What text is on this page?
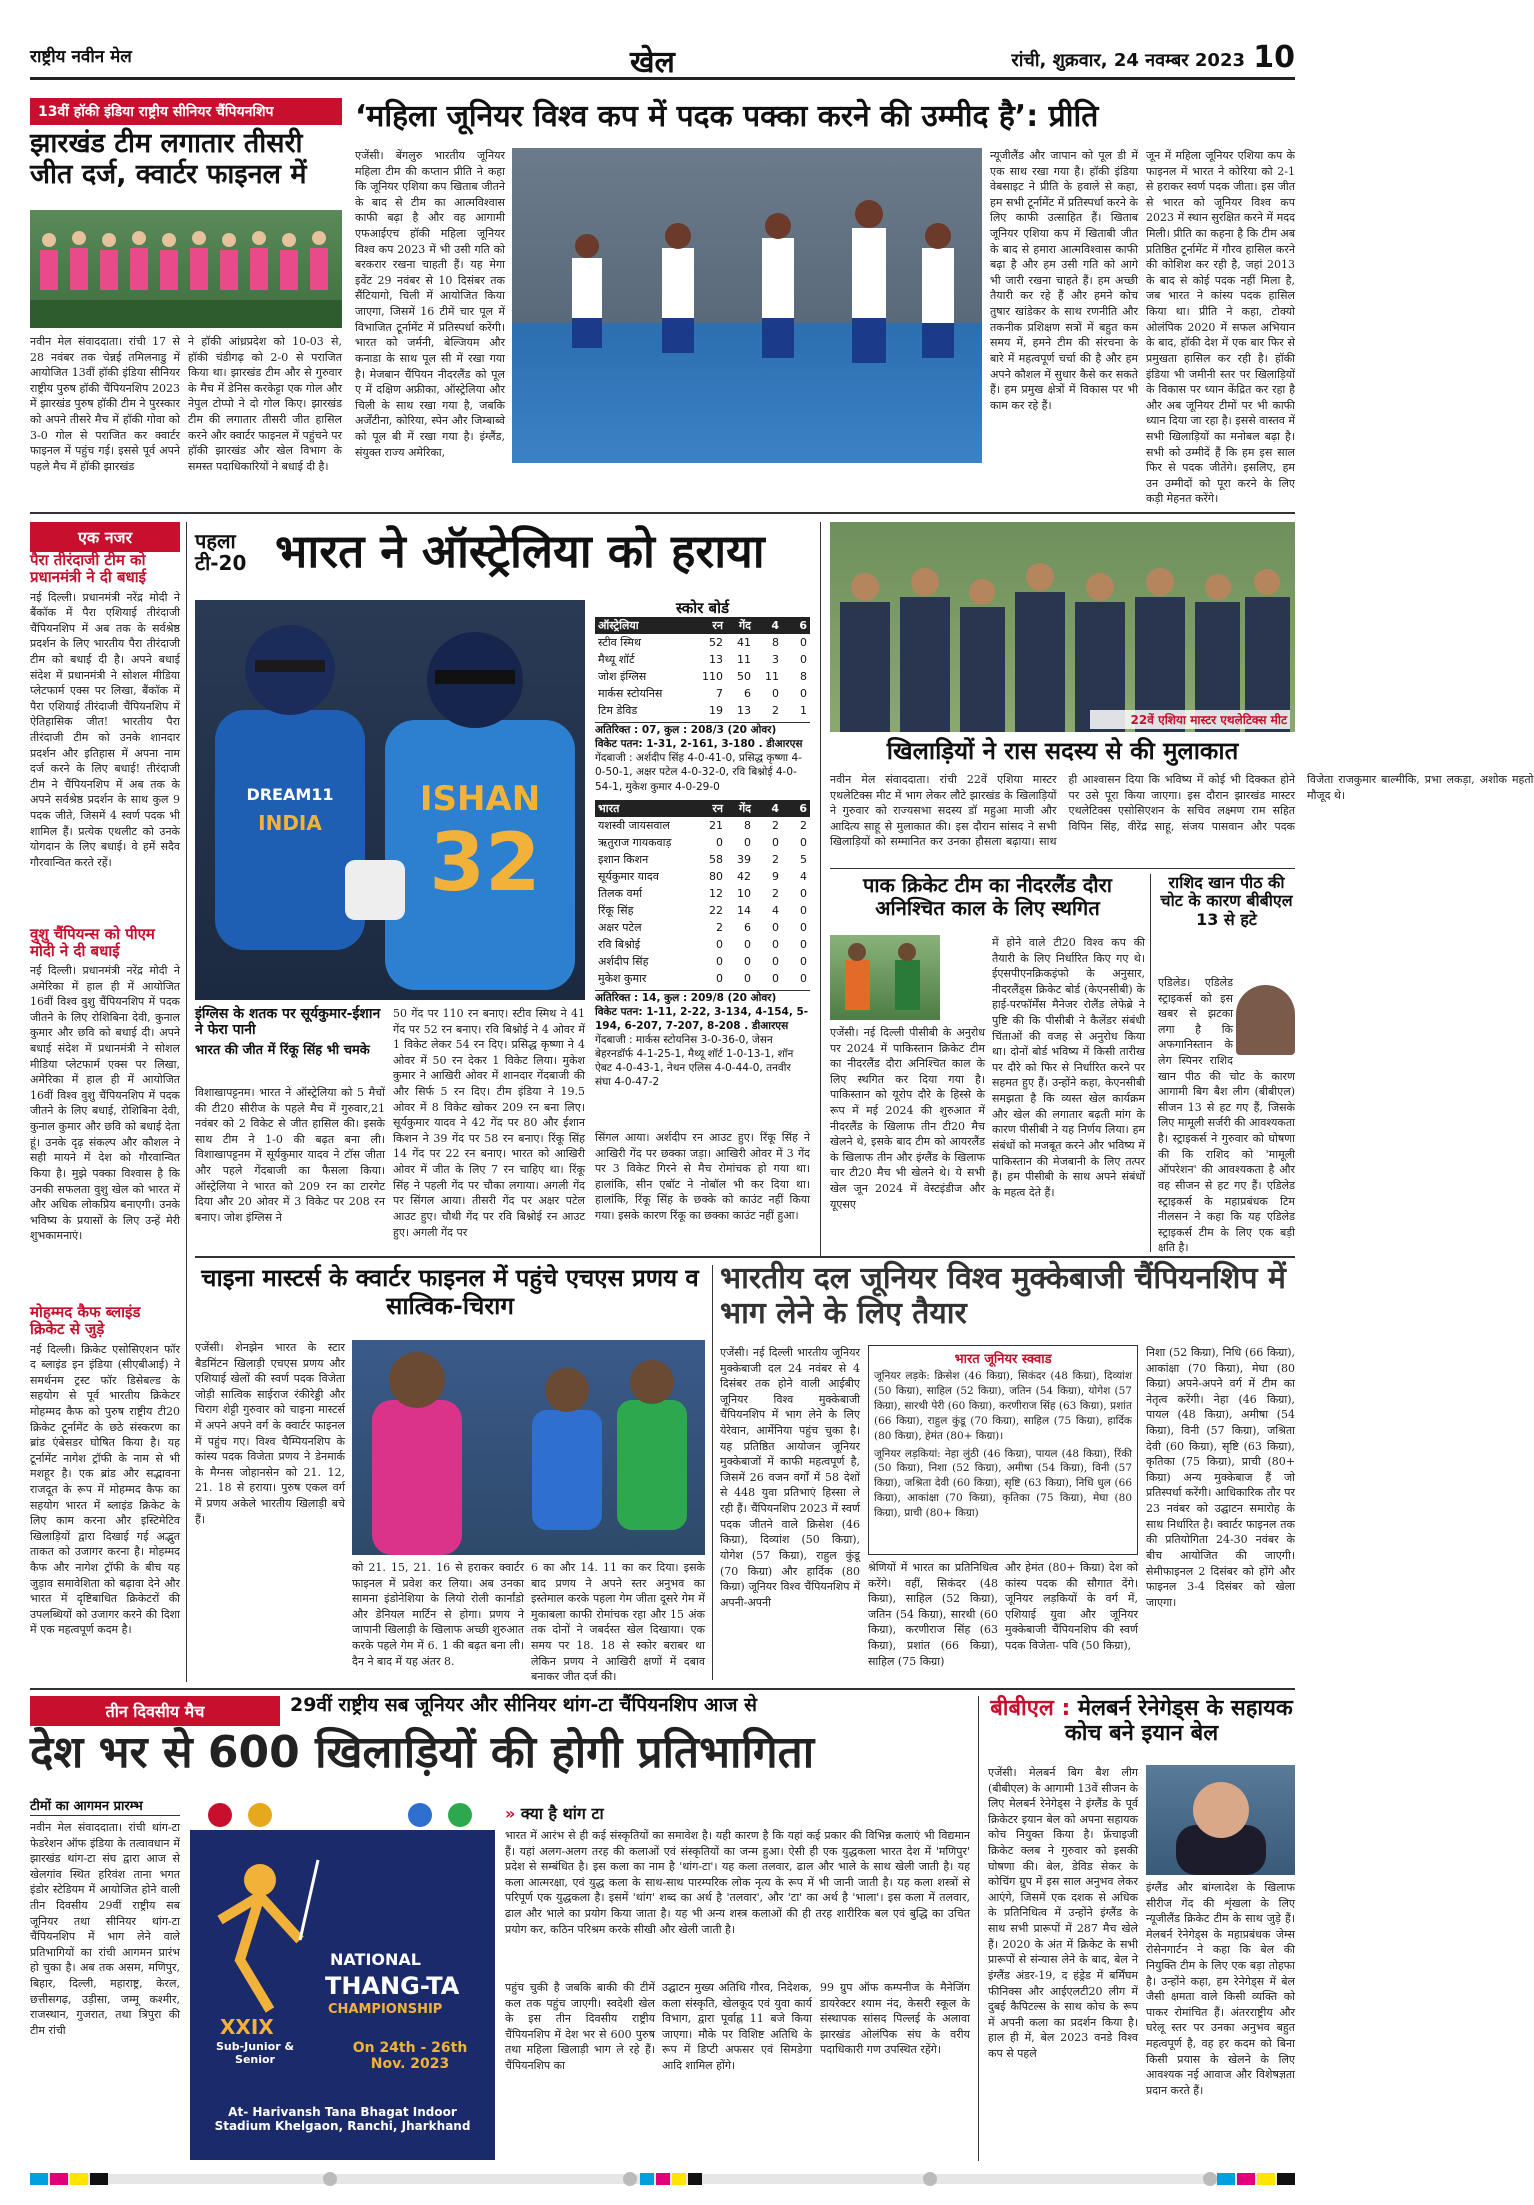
राष्ट्रीय नवीन मेल	खेल	रांची, शुक्रवार, 24 नवम्बर 2023 10
13वीं हॉकी इंडिया राष्ट्रीय सीनियर चैंपियनशिप
झारखंड टीम लगातार तीसरी जीत दर्ज, क्वार्टर फाइनल में
नवीन मेल संवाददाता। रांची 17 से 28 नवंबर तक चेन्नई तमिलनाडु में आयोजित 13वीं हॉकी इंडिया सीनियर राष्ट्रीय पुरुष हॉकी चैंपियनशिप 2023 में झारखंड पुरुष हॉकी टीम ने पुरस्कार को अपने तीसरे मैच में हॉकी गोवा को 3-0 गोल से पराजित कर क्वार्टर फाइनल में पहुंच गई। इससे पूर्व अपने पहले मैच में हॉकी झारखंड
ने हॉकी आंध्रप्रदेश को 10-03 से, हॉकी चंडीगढ़ को 2-0 से पराजित किया था। झारखंड टीम और से गुरुवार के मैच में डेनिस करकेट्टा एक गोल और नेपुल टोप्पो ने दो गोल किए। झारखंड टीम की लगातार तीसरी जीत हासिल करने और क्वार्टर फाइनल में पहुंचने पर हॉकी झारखंड और खेल विभाग के समस्त पदाधिकारियों ने बधाई दी है।
‘महिला जूनियर विश्व कप में पदक पक्का करने की उम्मीद है’: प्रीति
एजेंसी। बेंगलुरु भारतीय जूनियर महिला टीम की कप्तान प्रीति ने कहा कि जूनियर एशिया कप खिताब जीतने के बाद से टीम का आत्मविश्वास काफी बढ़ा है और वह आगामी एफआईएच हॉकी महिला जूनियर विश्व कप 2023 में भी उसी गति को बरकरार रखना चाहती हैं। यह मेगा इवेंट 29 नवंबर से 10 दिसंबर तक सैंटियागो, चिली में आयोजित किया जाएगा, जिसमें 16 टीमें चार पूल में विभाजित टूर्नामेंट में प्रतिस्पर्धा करेंगी। भारत को जर्मनी, बेल्जियम और कनाडा के साथ पूल सी में रखा गया है। मेजबान चैंपियन नीदरलैंड को पूल ए में दक्षिण अफ्रीका, ऑस्ट्रेलिया और चिली के साथ रखा गया है, जबकि अर्जेंटीना, कोरिया, स्पेन और जिम्बाब्वे को पूल बी में रखा गया है। इंग्लैंड, संयुक्त राज्य अमेरिका,
न्यूजीलैंड और जापान को पूल डी में एक साथ रखा गया है। हॉकी इंडिया वेबसाइट ने प्रीति के हवाले से कहा, हम सभी टूर्नामेंट में प्रतिस्पर्धा करने के लिए काफी उत्साहित हैं। खिताब जूनियर एशिया कप में खिताबी जीत के बाद से हमारा आत्मविश्वास काफी बढ़ा है और हम उसी गति को आगे भी जारी रखना चाहते हैं। हम अच्छी तैयारी कर रहे हैं और हमने कोच तुषार खांडेकर के साथ रणनीति और तकनीक प्रशिक्षण सत्रों में बहुत कम समय में, हमने टीम की संरचना के बारे में महत्वपूर्ण चर्चा की है और हम अपने कौशल में सुधार कैसे कर सकते हैं। हम प्रमुख क्षेत्रों में विकास पर भी काम कर रहे हैं।
जून में महिला जूनियर एशिया कप के फाइनल में भारत ने कोरिया को 2-1 से हराकर स्वर्ण पदक जीता। इस जीत से भारत को जूनियर विश्व कप 2023 में स्थान सुरक्षित करने में मदद मिली। प्रीति का कहना है कि टीम अब प्रतिष्ठित टूर्नामेंट में गौरव हासिल करने की कोशिश कर रही है, जहां 2013 के बाद से कोई पदक नहीं मिला है, जब भारत ने कांस्य पदक हासिल किया था। प्रीति ने कहा, टोक्यो ओलंपिक 2020 में सफल अभियान के बाद, हॉकी देश में एक बार फिर से प्रमुखता हासिल कर रही है। हॉकी इंडिया भी जमीनी स्तर पर खिलाड़ियों के विकास पर ध्यान केंद्रित कर रहा है और अब जूनियर टीमों पर भी काफी ध्यान दिया जा रहा है। इससे वास्तव में सभी खिलाड़ियों का मनोबल बढ़ा है। सभी को उम्मीदें हैं कि हम इस साल फिर से पदक जीतेंगे। इसलिए, हम उन उम्मीदों को पूरा करने के लिए कड़ी मेहनत करेंगे।
एक नजर
पैरा तीरंदाजी टीम को प्रधानमंत्री ने दी बधाई
नई दिल्ली। प्रधानमंत्री नरेंद्र मोदी ने बैंकॉक में पैरा एशियाई तीरंदाजी चैंपियनशिप में अब तक के सर्वश्रेष्ठ प्रदर्शन के लिए भारतीय पैरा तीरंदाजी टीम को बधाई दी है। अपने बधाई संदेश में प्रधानमंत्री ने सोशल मीडिया प्लेटफार्म एक्स पर लिखा, बैंकॉक में पैरा एशियाई तीरंदाजी चैंपियनशिप में ऐतिहासिक जीत! भारतीय पैरा तीरंदाजी टीम को उनके शानदार प्रदर्शन और इतिहास में अपना नाम दर्ज करने के लिए बधाई! तीरंदाजी टीम ने चैंपियनशिप में अब तक के अपने सर्वश्रेष्ठ प्रदर्शन के साथ कुल 9 पदक जीते, जिसमें 4 स्वर्ण पदक भी शामिल हैं। प्रत्येक एथलीट को उनके योगदान के लिए बधाई। वे हमें सदैव गौरवान्वित करते रहें।
वुशु चैंपियन्स को पीएम मोदी ने दी बधाई
नई दिल्ली। प्रधानमंत्री नरेंद्र मोदी ने अमेरिका में हाल ही में आयोजित 16वीं विश्व वुशु चैंपियनशिप में पदक जीतने के लिए रोशिबिना देवी, कुनाल कुमार और छवि को बधाई दी। अपने बधाई संदेश में प्रधानमंत्री ने सोशल मीडिया प्लेटफार्म एक्स पर लिखा, अमेरिका में हाल ही में आयोजित 16वीं विश्व वुशु चैंपियनशिप में पदक जीतने के लिए बधाई, रोशिबिना देवी, कुनाल कुमार और छवि को बधाई देता हूं। उनके दृढ़ संकल्प और कौशल ने सही मायने में देश को गौरवान्वित किया है। मुझे पक्का विश्वास है कि उनकी सफलता वुशु खेल को भारत में और अधिक लोकप्रिय बनाएगी। उनके भविष्य के प्रयासों के लिए उन्हें मेरी शुभकामनाएं।
मोहम्मद कैफ ब्लाइंड क्रिकेट से जुड़े
नई दिल्ली। क्रिकेट एसोसिएशन फॉर द ब्लाइंड इन इंडिया (सीएबीआई) ने समर्थनम ट्रस्ट फॉर डिसेबल्ड के सहयोग से पूर्व भारतीय क्रिकेटर मोहम्मद कैफ को पुरुष राष्ट्रीय टी20 क्रिकेट टूर्नामेंट के छठे संस्करण का ब्रांड एंबेसडर घोषित किया है। यह टूर्नामेंट नागेश ट्रॉफी के नाम से भी मशहूर है। एक ब्रांड और सद्भावना राजदूत के रूप में मोहम्मद कैफ का सहयोग भारत में ब्लाइंड क्रिकेट के लिए काम करना और इस्टिमेटिव खिलाड़ियों द्वारा दिखाई गई अद्भुत ताकत को उजागर करना है। मोहम्मद कैफ और नागेश ट्रॉफी के बीच यह जुड़ाव समावेशिता को बढ़ावा देने और भारत में दृष्टिबाधित क्रिकेटरों की उपलब्धियों को उजागर करने की दिशा में एक महत्वपूर्ण कदम है।
पहला
टी-20 भारत ने ऑस्ट्रेलिया को हराया
ISHAN
32
DREAM11
INDIA
इंग्लिस के शतक पर सूर्यकुमार-ईशान ने फेरा पानी
भारत की जीत में रिंकू सिंह भी चमके
विशाखापट्टनम। भारत ने ऑस्ट्रेलिया को 5 मैचों की टी20 सीरीज के पहले मैच में गुरुवार,21 नवंबर को 2 विकेट से जीत हासिल की। इसके साथ टीम ने 1-0 की बढ़त बना ली। विशाखापट्टनम में सूर्यकुमार यादव ने टॉस जीता और पहले गेंदबाजी का फैसला किया। ऑस्ट्रेलिया ने भारत को 209 रन का टारगेट दिया और 20 ओवर में 3 विकेट पर 208 रन बनाए। जोश इंग्लिस ने
50 गेंद पर 110 रन बनाए। स्टीव स्मिथ ने 41 गेंद पर 52 रन बनाए। रवि बिश्नोई ने 4 ओवर में 1 विकेट लेकर 54 रन दिए। प्रसिद्ध कृष्णा ने 4 ओवर में 50 रन देकर 1 विकेट लिया। मुकेश कुमार ने आखिरी ओवर में शानदार गेंदबाजी की और सिर्फ 5 रन दिए। टीम इंडिया ने 19.5 ओवर में 8 विकेट खोकर 209 रन बना लिए। सूर्यकुमार यादव ने 42 गेंद पर 80 और ईशान किशन ने 39 गेंद पर 58 रन बनाए। रिंकू सिंह 14 गेंद पर 22 रन बनाए। भारत को आखिरी ओवर में जीत के लिए 7 रन चाहिए था। रिंकू सिंह ने पहली गेंद पर चौका लगाया। अगली गेंद पर सिंगल आया। तीसरी गेंद पर अक्षर पटेल आउट हुए। चौथी गेंद पर रवि बिश्नोई रन आउट हुए। अगली गेंद पर
स्कोर बोर्ड
ऑस्ट्रेलिया	रन	गेंद	4	6
स्टीव स्मिथ	52	41	8	0
मैथ्यू शॉर्ट	13	11	3	0
जोश इंग्लिस	110	50	11	8
मार्कस स्टोयनिस	7	6	0	0
टिम डेविड	19	13	2	1
अतिरिक्त : 07, कुल : 208/3 (20 ओवर)
विकेट पतन: 1-31, 2-161, 3-180 . डीआरएस
गेंदबाजी : अर्शदीप सिंह 4-0-41-0, प्रसिद्ध कृष्णा 4-0-50-1, अक्षर पटेल 4-0-32-0, रवि बिश्नोई 4-0-54-1, मुकेश कुमार 4-0-29-0
भारत	रन	गेंद	4	6
यशस्वी जायसवाल	21	8	2	2
ऋतुराज गायकवाड़	0	0	0	0
इशान किशन	58	39	2	5
सूर्यकुमार यादव	80	42	9	4
तिलक वर्मा	12	10	2	0
रिंकू सिंह	22	14	4	0
अक्षर पटेल	2	6	0	0
रवि बिश्नोई	0	0	0	0
अर्शदीप सिंह	0	0	0	0
मुकेश कुमार	0	0	0	0
अतिरिक्त : 14, कुल : 209/8 (20 ओवर)
विकेट पतन: 1-11, 2-22, 3-134, 4-154, 5-194, 6-207, 7-207, 8-208 . डीआरएस
गेंदबाजी : मार्कस स्टोयनिस 3-0-36-0, जेसन बेहरनडॉर्फ 4-1-25-1, मैथ्यू शॉर्ट 1-0-13-1, शॉन ऐबट 4-0-43-1, नेथन एलिस 4-0-44-0, तनवीर संघा 4-0-47-2
सिंगल आया। अर्शदीप रन आउट हुए। रिंकू सिंह ने आखिरी गेंद पर छक्का जड़ा। आखिरी ओवर में 3 गेंद पर 3 विकेट गिरने से मैच रोमांचक हो गया था। हालांकि, सीन एबॉट ने नोबॉल भी कर दिया था। हालांकि, रिंकू सिंह के छक्के को काउंट नहीं किया गया। इसके कारण रिंकू का छक्का काउंट नहीं हुआ।
22वें एशिया मास्टर एथलेटिक्स मीट
खिलाड़ियों ने रास सदस्य से की मुलाकात
नवीन मेल संवाददाता। रांची 22वें एशिया मास्टर एथलेटिक्स मीट में भाग लेकर लौटे झारखंड के खिलाड़ियों ने गुरुवार को राज्यसभा सदस्य डॉ महुआ माजी और आदित्य साहू से मुलाकात की। इस दौरान सांसद ने सभी खिलाड़ियों को सम्मानित कर उनका हौसला बढ़ाया। साथ ही आश्वासन दिया कि भविष्य में कोई भी दिक्कत होने पर उसे पूरा किया जाएगा। इस दौरान झारखंड मास्टर एथलेटिक्स एसोसिएशन के सचिव लक्ष्मण राम सहित विपिन सिंह, वीरेंद्र साहू, संजय पासवान और पदक विजेता राजकुमार बाल्मीकि, प्रभा लकड़ा, अशोक महतो मौजूद थे।
पाक क्रिकेट टीम का नीदरलैंड दौरा अनिश्चित काल के लिए स्थगित
एजेंसी। नई दिल्ली पीसीबी के अनुरोध पर 2024 में पाकिस्तान क्रिकेट टीम का नीदरलैंड दौरा अनिश्चित काल के लिए स्थगित कर दिया गया है। पाकिस्तान को यूरोप दौरे के हिस्से के रूप में मई 2024 की शुरुआत में नीदरलैंड के खिलाफ तीन टी20 मैच खेलने थे, इसके बाद टीम को आयरलैंड के खिलाफ तीन और इंग्लैंड के खिलाफ चार टी20 मैच भी खेलने थे। ये सभी खेल जून 2024 में वेस्टइंडीज और यूएसए
में होने वाले टी20 विश्व कप की तैयारी के लिए निर्धारित किए गए थे। ईएसपीएनक्रिकइंफो के अनुसार, नीदरलैंड्स क्रिकेट बोर्ड (केएनसीबी) के हाई-परफॉर्मेंस मैनेजर रोलैंड लेफेब्रे ने पुष्टि की कि पीसीबी ने कैलेंडर संबंधी चिंताओं की वजह से अनुरोध किया था। दोनों बोर्ड भविष्य में किसी तारीख पर दौरे को फिर से निर्धारित करने पर सहमत हुए हैं। उन्होंने कहा, केएनसीबी समझता है कि व्यस्त खेल कार्यक्रम और खेल की लगातार बढ़ती मांग के कारण पीसीबी ने यह निर्णय लिया। हम संबंधों को मजबूत करने और भविष्य में पाकिस्तान की मेजबानी के लिए तत्पर हैं। हम पीसीबी के साथ अपने संबंधों के महत्व देते हैं।
राशिद खान पीठ की चोट के कारण बीबीएल 13 से हटे
एडिलेड। एडिलेड स्ट्राइकर्स को इस खबर से झटका लगा है कि अफगानिस्तान के लेग स्पिनर राशिद खान पीठ की चोट के कारण आगामी बिग बैश लीग (बीबीएल) सीजन 13 से हट गए हैं, जिसके लिए मामूली सर्जरी की आवश्यकता है। स्ट्राइकर्स ने गुरुवार को घोषणा की कि राशिद को 'मामूली ऑपरेशन' की आवश्यकता है और वह सीजन से हट गए हैं। एडिलेड स्ट्राइकर्स के महाप्रबंधक टिम नीलसन ने कहा कि यह एडिलेड स्ट्राइकर्स टीम के लिए एक बड़ी क्षति है।
चाइना मास्टर्स के क्वार्टर फाइनल में पहुंचे एचएस प्रणय व सात्विक-चिराग
एजेंसी। शेनझेन भारत के स्टार बैडमिंटन खिलाड़ी एचएस प्रणय और एशियाई खेलों की स्वर्ण पदक विजेता जोड़ी सात्विक साईराज रंकीरेड्डी और चिराग शेट्टी गुरुवार को चाइना मास्टर्स में अपने अपने वर्ग के क्वार्टर फाइनल में पहुंच गए। विश्व चैम्पियनशिप के कांस्य पदक विजेता प्रणय ने डेनमार्क के मैग्नस जोहानसेन को 21. 12, 21. 18 से हराया। पुरुष एकल वर्ग में प्रणय अकेले भारतीय खिलाड़ी बचे हैं।
को 21. 15, 21. 16 से हराकर क्वार्टर फाइनल में प्रवेश कर लिया। अब उनका सामना इंडोनेशिया के लियो रोली कार्नांडो और डेनियल मार्टिन से होगा। प्रणय ने जापानी खिलाड़ी के खिलाफ अच्छी शुरुआत करके पहले गेम में 6. 1 की बढ़त बना ली। दैन ने बाद में यह अंतर 8.
6 का और 14. 11 का कर दिया। इसके बाद प्रणय ने अपने स्तर अनुभव का इस्तेमाल करके पहला गेम जीता दूसरे गेम में मुकाबला काफी रोमांचक रहा और 15 अंक तक दोनों ने जबर्दस्त खेल दिखाया। एक समय पर 18. 18 से स्कोर बराबर था लेकिन प्रणय ने आखिरी क्षणों में दबाव बनाकर जीत दर्ज की।
भारतीय दल जूनियर विश्व मुक्केबाजी चैंपियनशिप में भाग लेने के लिए तैयार
एजेंसी। नई दिल्ली भारतीय जूनियर मुक्केबाजी दल 24 नवंबर से 4 दिसंबर तक होने वाली आईबीए जूनियर विश्व मुक्केबाजी चैंपियनशिप में भाग लेने के लिए येरेवान, आर्मेनिया पहुंच चुका है। यह प्रतिष्ठित आयोजन जूनियर मुक्केबाजों में काफी महत्वपूर्ण है, जिसमें 26 वजन वर्गों में 58 देशों से 448 युवा प्रतिभाएं हिस्सा ले रही हैं। चैंपियनशिप 2023 में स्वर्ण पदक जीतने वाले क्रिसेश (46 किग्रा), दिव्यांश (50 किग्रा), योगेश (57 किग्रा), राहुल कुंडू (70 किग्रा) और हार्दिक (80 किग्रा) जूनियर विश्व चैंपियनशिप में अपनी-अपनी
भारत जूनियर स्क्वाड
जूनियर लड़के: क्रिसेश (46 किग्रा), सिकंदर (48 किग्रा), दिव्यांश (50 किग्रा), साहिल (52 किग्रा), जतिन (54 किग्रा), योगेश (57 किग्रा), सारथी पेरी (60 किग्रा), करणीराज सिंह (63 किग्रा), प्रशांत (66 किग्रा), राहुल कुंडू (70 किग्रा), साहिल (75 किग्रा), हार्दिक (80 किग्रा), हेमंत (80+ किग्रा)।
जूनियर लड़कियां: नेहा लुंठी (46 किग्रा), पायल (48 किग्रा), रिंकी (50 किग्रा), निशा (52 किग्रा), अमीषा (54 किग्रा), विनी (57 किग्रा), जश्रिता देवी (60 किग्रा), सृष्टि (63 किग्रा), निधि धुल (66 किग्रा), आकांक्षा (70 किग्रा), कृतिका (75 किग्रा), मेघा (80 किग्रा), प्राची (80+ किग्रा)
श्रेणियों में भारत का प्रतिनिधित्व करेंगे। वहीं, सिकंदर (48 किग्रा), साहिल (52 किग्रा), जतिन (54 किग्रा), सारथी (60 किग्रा), करणीराज सिंह (63 किग्रा), प्रशांत (66 किग्रा), साहिल (75 किग्रा)
और हेमंत (80+ किग्रा) देश को कांस्य पदक की सौगात देंगे। जूनियर लड़कियों के वर्ग में, एशियाई युवा और जूनियर मुक्केबाजी चैंपियनशिप की स्वर्ण पदक विजेता- पवि (50 किग्रा),
निशा (52 किग्रा), निधि (66 किग्रा), आकांक्षा (70 किग्रा), मेघा (80 किग्रा) अपने-अपने वर्ग में टीम का नेतृत्व करेंगी। नेहा (46 किग्रा), पायल (48 किग्रा), अमीषा (54 किग्रा), विनी (57 किग्रा), जश्रिता देवी (60 किग्रा), सृष्टि (63 किग्रा), कृतिका (75 किग्रा), प्राची (80+ किग्रा) अन्य मुक्केबाज हैं जो प्रतिस्पर्धा करेंगी। आधिकारिक तौर पर 23 नवंबर को उद्घाटन समारोह के साथ निर्धारित है। क्वार्टर फाइनल तक की प्रतियोगिता 24-30 नवंबर के बीच आयोजित की जाएगी। सेमीफाइनल 2 दिसंबर को होंगे और फाइनल 3-4 दिसंबर को खेला जाएगा।
तीन दिवसीय मैच	29वीं राष्ट्रीय सब जूनियर और सीनियर थांग-टा चैंपियनशिप आज से
देश भर से 600 खिलाड़ियों की होगी प्रतिभागिता
टीमों का आगमन प्रारम्भ
नवीन मेल संवाददाता। रांची थांग-टा फेडरेशन ऑफ इंडिया के तत्वावधान में झारखंड थांग-टा संघ द्वारा आज से खेलगांव स्थित हरिवंश ताना भगत इंडोर स्टेडियम में आयोजित होने वाली तीन दिवसीय 29वीं राष्ट्रीय सब जूनियर तथा सीनियर थांग-टा चैंपियनशिप में भाग लेने वाले प्रतिभागियों का रांची आगमन प्रारंभ हो चुका है। अब तक असम, मणिपुर, बिहार, दिल्ली, महाराष्ट्र, केरल, छत्तीसगढ़, उड़ीसा, जम्मू कश्मीर, राजस्थान, गुजरात, तथा त्रिपुरा की टीम रांची	XXIX
Sub-Junior & Senior
NATIONAL
THANG-TA
CHAMPIONSHIP
On 24th - 26th Nov. 2023
At- Harivansh Tana Bhagat Indoor Stadium Khelgaon, Ranchi, Jharkhand
» क्या है थांग टा
भारत में आरंभ से ही कई संस्कृतियों का समावेश है। यही कारण है कि यहां कई प्रकार की विभिन्न कलाएं भी विद्यमान हैं। यहां अलग-अलग तरह की कलाओं एवं संस्कृतियों का जन्म हुआ। ऐसी ही एक युद्धकला भारत देश में 'मणिपुर' प्रदेश से सम्बंधित है। इस कला का नाम है 'थांग-टा'। यह कला तलवार, ढाल और भाले के साथ खेली जाती है। यह कला आत्मरक्षा, एवं युद्ध कला के साथ-साथ पारम्परिक लोक नृत्य के रूप में भी जानी जाती है। यह कला शस्त्रों से परिपूर्ण एक युद्धकला है। इसमें 'थांग' शब्द का अर्थ है 'तलवार', और 'टा' का अर्थ है 'भाला'। इस कला में तलवार, ढाल और भाले का प्रयोग किया जाता है। यह भी अन्य शस्त्र कलाओं की ही तरह शारीरिक बल एवं बुद्धि का उचित प्रयोग कर, कठिन परिश्रम करके सीखी और खेली जाती है।
पहुंच चुकी है जबकि बाकी की टीमें कल तक पहुंच जाएगी। स्वदेशी खेल के इस तीन दिवसीय राष्ट्रीय चैंपियनशिप में देश भर से 600 पुरुष तथा महिला खिलाड़ी भाग ले रहे हैं। चैंपियनशिप का
उद्घाटन मुख्य अतिथि गौरव, निदेशक, कला संस्कृति, खेलकूद एवं युवा कार्य विभाग, द्वारा पूर्वाह्न 11 बजे किया जाएगा। मौके पर विशिष्ट अतिथि के रूप में डिप्टी अफसर एवं सिमडेगा आदि शामिल होंगे।
99 ग्रुप ऑफ कम्पनीज के मैनेजिंग डायरेक्टर श्याम नंद, केसरी स्कूल के संस्थापक सांसद पिल्लई के अलावा झारखंड ओलंपिक संघ के वरीय पदाधिकारी गण उपस्थित रहेंगे।
बीबीएल : मेलबर्न रेनेगेड्स के सहायक कोच बने इयान बेल
एजेंसी। मेलबर्न बिग बैश लीग (बीबीएल) के आगामी 13वें सीजन के लिए मेलबर्न रेनेगेड्स ने इंग्लैंड के पूर्व क्रिकेटर इयान बेल को अपना सहायक कोच नियुक्त किया है। फ्रेंचाइजी क्रिकेट क्लब ने गुरुवार को इसकी घोषणा की। बेल, डेविड सेकर के कोचिंग ग्रुप में इस साल अनुभव लेकर आएंगे, जिसमें एक दशक से अधिक के प्रतिनिधित्व में उन्होंने इंग्लैंड के साथ सभी प्रारूपों में 287 मैच खेले हैं। 2020 के अंत में क्रिकेट के सभी प्रारूपों से संन्यास लेने के बाद, बेल ने इंग्लैंड अंडर-19, द हंड्रेड में बर्मिंघम फीनिक्स और आईएलटी20 लीग में दुबई कैपिटल्स के साथ कोच के रूप में अपनी कला का प्रदर्शन किया है। हाल ही में, बेल 2023 वनडे विश्व कप से पहले
इंग्लैंड और बांग्लादेश के खिलाफ सीरीज गेंद की शृंखला के लिए न्यूजीलैंड क्रिकेट टीम के साथ जुड़े हैं। मेलबर्न रेनेगेड्स के महाप्रबंधक जेम्स रोसेनगार्टन ने कहा कि बेल की नियुक्ति टीम के लिए एक बड़ा तोहफा है। उन्होंने कहा, हम रेनेगेड्स में बेल जैसी क्षमता वाले किसी व्यक्ति को पाकर रोमांचित हैं। अंतरराष्ट्रीय और घरेलू स्तर पर उनका अनुभव बहुत महत्वपूर्ण है, वह हर कदम को बिना किसी प्रयास के खेलने के लिए आवश्यक नई आवाज और विशेषज्ञता प्रदान करते हैं।
